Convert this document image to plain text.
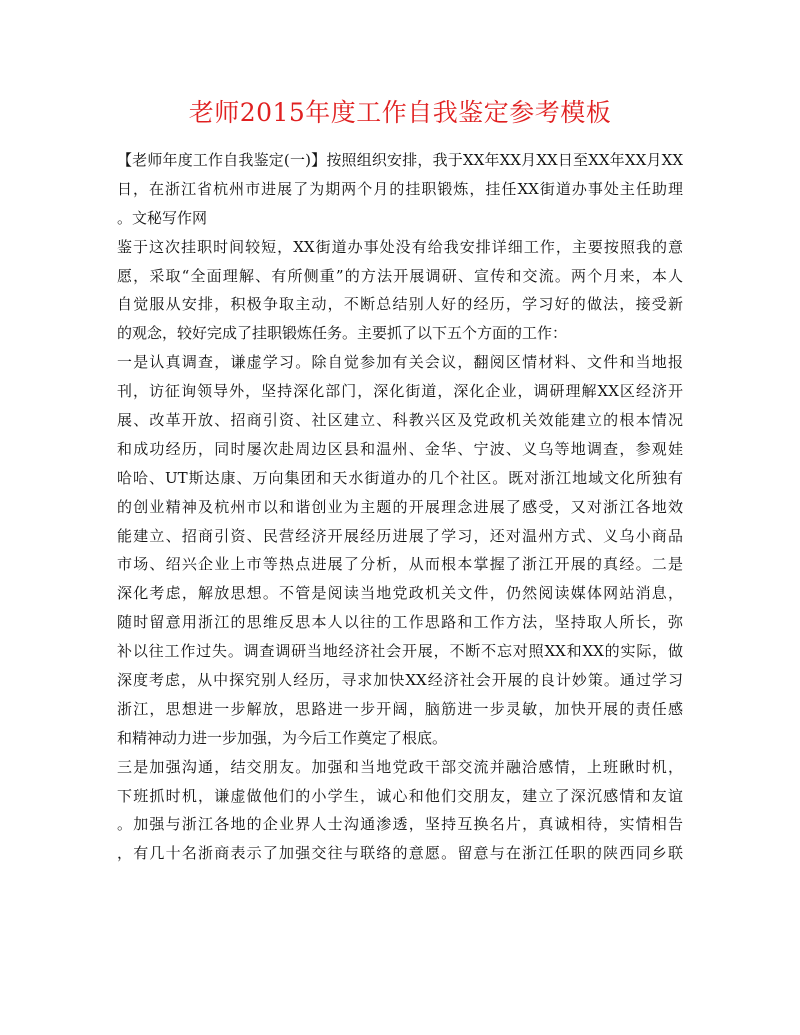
老师2015年度工作自我鉴定参考模板
【老师年度工作自我鉴定(一)】按照组织安排，我于XX年XX月XX日至XX年XX月XX
日，在浙江省杭州市进展了为期两个月的挂职锻炼，挂任XX街道办事处主任助理
。文秘写作网
鉴于这次挂职时间较短，XX街道办事处没有给我安排详细工作，主要按照我的意
愿，采取“全面理解、有所侧重”的方法开展调研、宣传和交流。两个月来，本人
自觉服从安排，积极争取主动，不断总结别人好的经历，学习好的做法，接受新
的观念，较好完成了挂职锻炼任务。主要抓了以下五个方面的工作：
一是认真调查，谦虚学习。除自觉参加有关会议，翻阅区情材料、文件和当地报
刊，访征询领导外，坚持深化部门，深化街道，深化企业，调研理解XX区经济开
展、改革开放、招商引资、社区建立、科教兴区及党政机关效能建立的根本情况
和成功经历，同时屡次赴周边区县和温州、金华、宁波、义乌等地调查，参观娃
哈哈、UT斯达康、万向集团和天水街道办的几个社区。既对浙江地域文化所独有
的创业精神及杭州市以和谐创业为主题的开展理念进展了感受，又对浙江各地效
能建立、招商引资、民营经济开展经历进展了学习，还对温州方式、义乌小商品
市场、绍兴企业上市等热点进展了分析，从而根本掌握了浙江开展的真经。二是
深化考虑，解放思想。不管是阅读当地党政机关文件，仍然阅读媒体网站消息，
随时留意用浙江的思维反思本人以往的工作思路和工作方法，坚持取人所长，弥
补以往工作过失。调查调研当地经济社会开展，不断不忘对照XX和XX的实际，做
深度考虑，从中探究别人经历，寻求加快XX经济社会开展的良计妙策。通过学习
浙江，思想进一步解放，思路进一步开阔，脑筋进一步灵敏，加快开展的责任感
和精神动力进一步加强，为今后工作奠定了根底。
三是加强沟通，结交朋友。加强和当地党政干部交流并融洽感情，上班瞅时机，
下班抓时机，谦虚做他们的小学生，诚心和他们交朋友，建立了深沉感情和友谊
。加强与浙江各地的企业界人士沟通渗透，坚持互换名片，真诚相待，实情相告
，有几十名浙商表示了加强交往与联络的意愿。留意与在浙江任职的陕西同乡联
